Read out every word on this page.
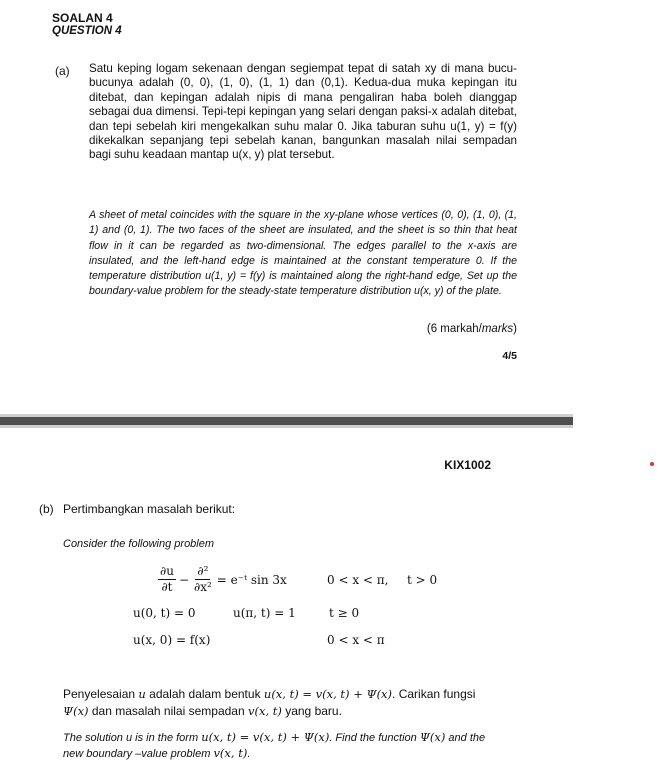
SOALAN 4
QUESTION 4
(a) Satu keping logam sekenaan dengan segiempat tepat di satah xy di mana bucu-bucunya adalah (0, 0), (1, 0), (1, 1) dan (0,1). Kedua-dua muka kepingan itu ditebat, dan kepingan adalah nipis di mana pengaliran haba boleh dianggap sebagai dua dimensi. Tepi-tepi kepingan yang selari dengan paksi-x adalah ditebat, dan tepi sebelah kiri mengekalkan suhu malar 0. Jika taburan suhu u(1, y) = f(y) dikekalkan sepanjang tepi sebelah kanan, bangunkan masalah nilai sempadan bagi suhu keadaan mantap u(x, y) plat tersebut.
A sheet of metal coincides with the square in the xy-plane whose vertices (0, 0), (1, 0), (1, 1) and (0, 1). The two faces of the sheet are insulated, and the sheet is so thin that heat flow in it can be regarded as two-dimensional. The edges parallel to the x-axis are insulated, and the left-hand edge is maintained at the constant temperature 0. If the temperature distribution u(1, y) = f(y) is maintained along the right-hand edge, Set up the boundary-value problem for the steady-state temperature distribution u(x, y) of the plate.
(6 markah/marks)
4/5
KIX1002
(b) Pertimbangkan masalah berikut:
Consider the following problem
$\frac{\partial u}{\partial t} - \frac{\text{∂²}}{\text{∂x²}}$ = e⁻ᵗ sin 3x	0 < x < π, t > 0
u(0, t) = 0	u(π, t) = 1	t ≥ 0
u(x, 0) = f(x)	0 < x < π
Penyelesaian u adalah dalam bentuk u(x, t) = v(x, t) + Ψ(x). Carikan fungsi Ψ(x) dan masalah nilai sempadan v(x, t) yang baru.
The solution u is in the form u(x, t) = v(x, t) + Ψ(x). Find the function Ψ(x) and the new boundary –value problem v(x, t).
